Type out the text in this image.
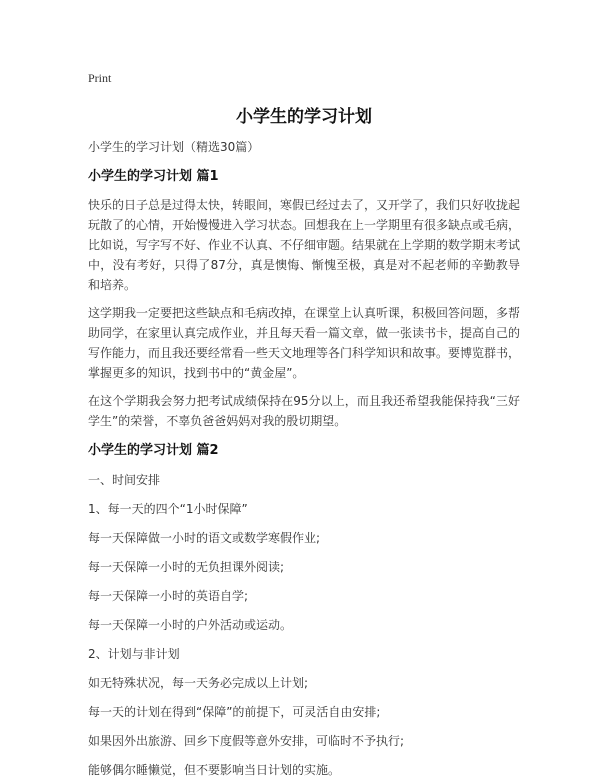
Print
小学生的学习计划
小学生的学习计划（精选30篇）
小学生的学习计划 篇1
快乐的日子总是过得太快，转眼间，寒假已经过去了，又开学了，我们只好收拢起玩散了的心情，开始慢慢进入学习状态。回想我在上一学期里有很多缺点或毛病，比如说，写字写不好、作业不认真、不仔细审题。结果就在上学期的数学期末考试中，没有考好，只得了87分，真是懊悔、惭愧至极，真是对不起老师的辛勤教导和培养。
这学期我一定要把这些缺点和毛病改掉，在课堂上认真听课，积极回答问题，多帮助同学，在家里认真完成作业，并且每天看一篇文章，做一张读书卡，提高自己的写作能力，而且我还要经常看一些天文地理等各门科学知识和故事。要博览群书，掌握更多的知识，找到书中的“黄金屋”。
在这个学期我会努力把考试成绩保持在95分以上，而且我还希望我能保持我“三好学生”的荣誉，不辜负爸爸妈妈对我的殷切期望。
小学生的学习计划 篇2
一、时间安排
1、每一天的四个“1小时保障”
每一天保障做一小时的语文或数学寒假作业;
每一天保障一小时的无负担课外阅读;
每一天保障一小时的英语自学;
每一天保障一小时的户外活动或运动。
2、计划与非计划
如无特殊状况，每一天务必完成以上计划;
每一天的计划在得到“保障”的前提下，可灵活自由安排;
如果因外出旅游、回乡下度假等意外安排，可临时不予执行;
能够偶尔睡懒觉，但不要影响当日计划的实施。
